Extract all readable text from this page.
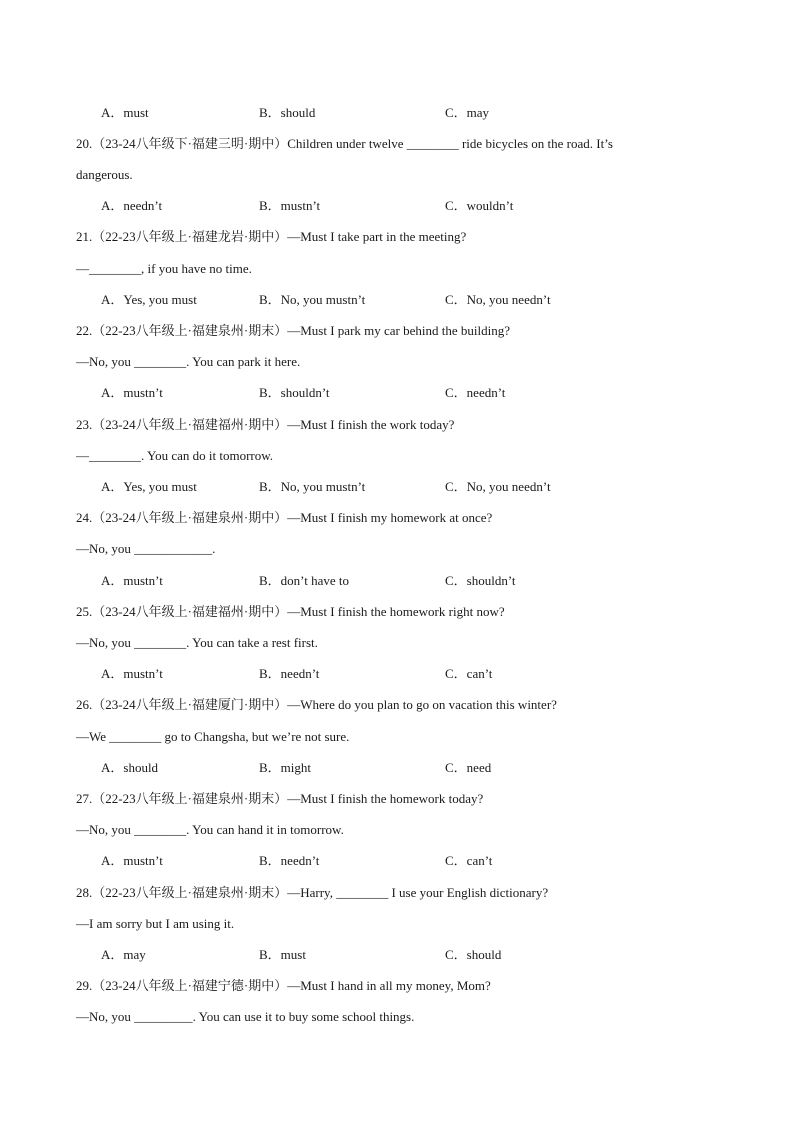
A．must	B．should	C．may
20.（23-24八年级下·福建三明·期中）Children under twelve ________ ride bicycles on the road. It’s
dangerous.
A．needn’t	B．mustn’t	C．wouldn’t
21.（22-23八年级上·福建龙岩·期中）—Must I take part in the meeting?
—________, if you have no time.
A．Yes, you must	B．No, you mustn’t	C．No, you needn’t
22.（22-23八年级上·福建泉州·期末）—Must I park my car behind the building?
—No, you ________. You can park it here.
A．mustn’t	B．shouldn’t	C．needn’t
23.（23-24八年级上·福建福州·期中）—Must I finish the work today?
—________. You can do it tomorrow.
A．Yes, you must	B．No, you mustn’t	C．No, you needn’t
24.（23-24八年级上·福建泉州·期中）—Must I finish my homework at once?
—No, you ____________.
A．mustn’t	B．don’t have to	C．shouldn’t
25.（23-24八年级上·福建福州·期中）—Must I finish the homework right now?
—No, you ________. You can take a rest first.
A．mustn’t	B．needn’t	C．can’t
26.（23-24八年级上·福建厦门·期中）—Where do you plan to go on vacation this winter?
—We ________ go to Changsha, but we’re not sure.
A．should	B．might	C．need
27.（22-23八年级上·福建泉州·期末）—Must I finish the homework today?
—No, you ________. You can hand it in tomorrow.
A．mustn’t	B．needn’t	C．can’t
28.（22-23八年级上·福建泉州·期末）—Harry, ________ I use your English dictionary?
—I am sorry but I am using it.
A．may	B．must	C．should
29.（23-24八年级上·福建宁德·期中）—Must I hand in all my money, Mom?
—No, you _________. You can use it to buy some school things.
